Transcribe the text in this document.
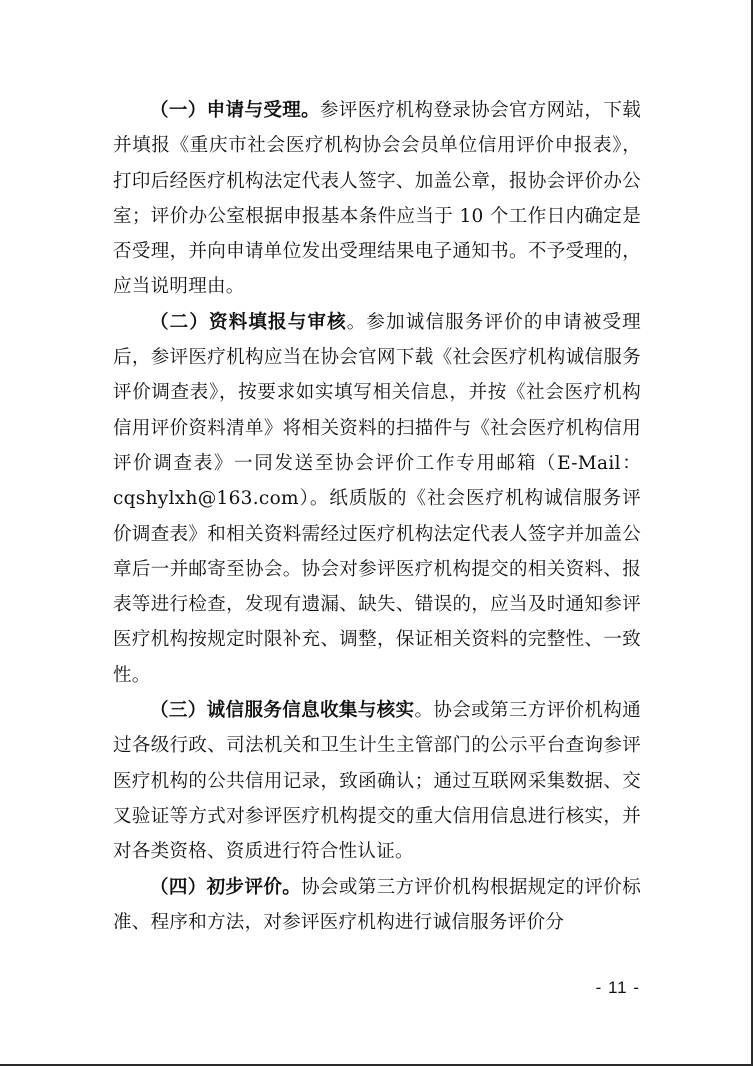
（一）申请与受理。参评医疗机构登录协会官方网站，下载并填报《重庆市社会医疗机构协会会员单位信用评价申报表》，打印后经医疗机构法定代表人签字、加盖公章，报协会评价办公室；评价办公室根据申报基本条件应当于 10 个工作日内确定是否受理，并向申请单位发出受理结果电子通知书。不予受理的， 应当说明理由。

（二）资料填报与审核。参加诚信服务评价的申请被受理后，参评医疗机构应当在协会官网下载《社会医疗机构诚信服务评价调查表》，按要求如实填写相关信息，并按《社会医疗机构信用评价资料清单》将相关资料的扫描件与《社会医疗机构信用评价调查表》一同发送至协会评价工作专用邮箱（E-Mail：cqshylxh@163.com）。纸质版的《社会医疗机构诚信服务评价调查表》和相关资料需经过医疗机构法定代表人签字并加盖公章后一并邮寄至协会。协会对参评医疗机构提交的相关资料、报表等进行检查，发现有遗漏、缺失、错误的，应当及时通知参评医疗机构按规定时限补充、调整，保证相关资料的完整性、一致性。

（三）诚信服务信息收集与核实。协会或第三方评价机构通过各级行政、司法机关和卫生计生主管部门的公示平台查询参评医疗机构的公共信用记录，致函确认；通过互联网采集数据、交叉验证等方式对参评医疗机构提交的重大信用信息进行核实，并对各类资格、资质进行符合性认证。

（四）初步评价。协会或第三方评价机构根据规定的评价标准、程序和方法，对参评医疗机构进行诚信服务评价分

- 11 -
